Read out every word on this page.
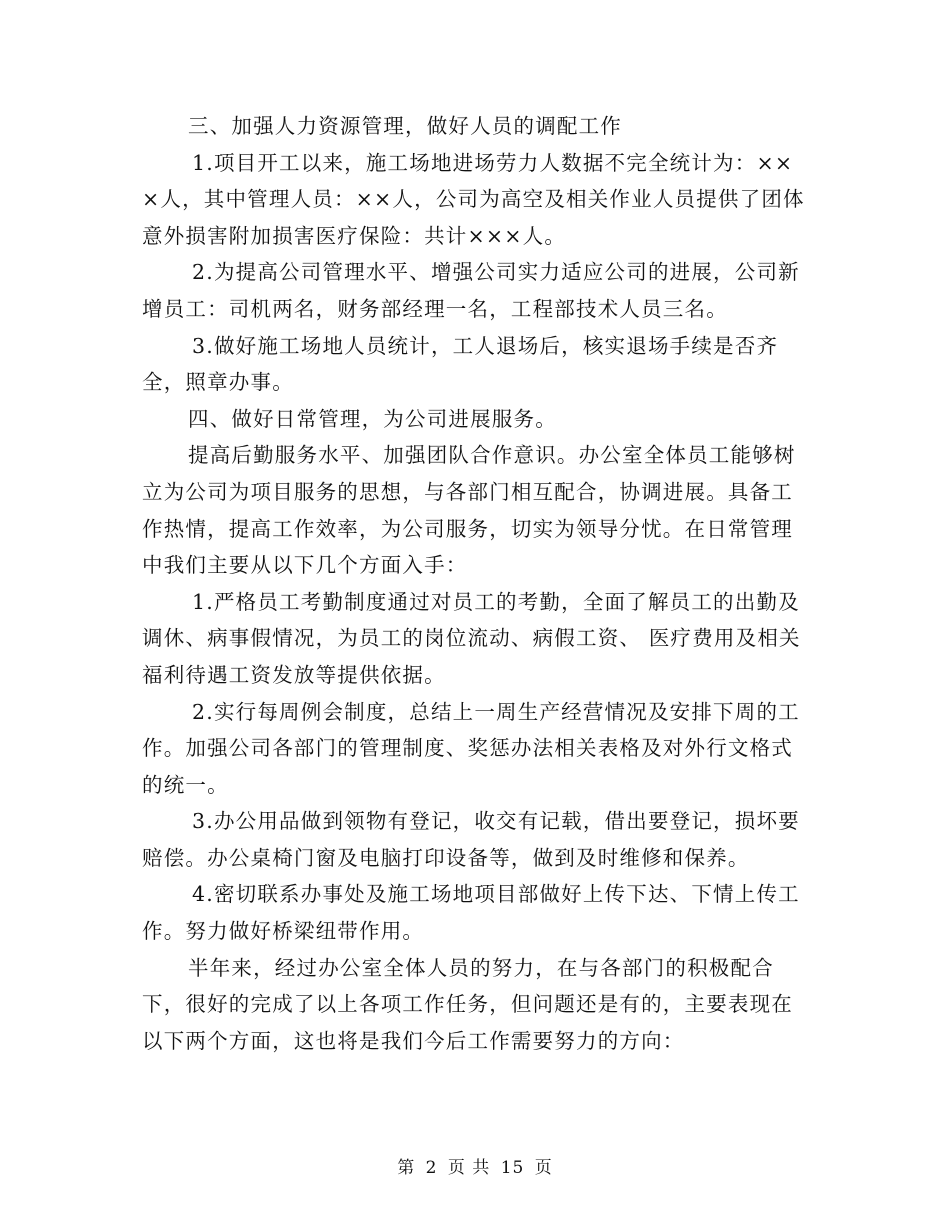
三、加强人力资源管理，做好人员的调配工作

1.项目开工以来，施工场地进场劳力人数据不完全统计为：×××人，其中管理人员：××人，公司为高空及相关作业人员提供了团体意外损害附加损害医疗保险：共计×××人。

2.为提高公司管理水平、增强公司实力适应公司的进展，公司新增员工：司机两名，财务部经理一名，工程部技术人员三名。

3.做好施工场地人员统计，工人退场后，核实退场手续是否齐全，照章办事。

四、做好日常管理，为公司进展服务。

提高后勤服务水平、加强团队合作意识。办公室全体员工能够树立为公司为项目服务的思想，与各部门相互配合，协调进展。具备工作热情，提高工作效率，为公司服务，切实为领导分忧。在日常管理中我们主要从以下几个方面入手：

1.严格员工考勤制度通过对员工的考勤，全面了解员工的出勤及调休、病事假情况，为员工的岗位流动、病假工资、 医疗费用及相关福利待遇工资发放等提供依据。

2.实行每周例会制度，总结上一周生产经营情况及安排下周的工作。加强公司各部门的管理制度、奖惩办法相关表格及对外行文格式的统一。

3.办公用品做到领物有登记，收交有记载，借出要登记，损坏要赔偿。办公桌椅门窗及电脑打印设备等，做到及时维修和保养。

4.密切联系办事处及施工场地项目部做好上传下达、下情上传工作。努力做好桥梁纽带作用。

半年来，经过办公室全体人员的努力，在与各部门的积极配合下，很好的完成了以上各项工作任务，但问题还是有的，主要表现在以下两个方面，这也将是我们今后工作需要努力的方向：

第 2 页 共 15 页
